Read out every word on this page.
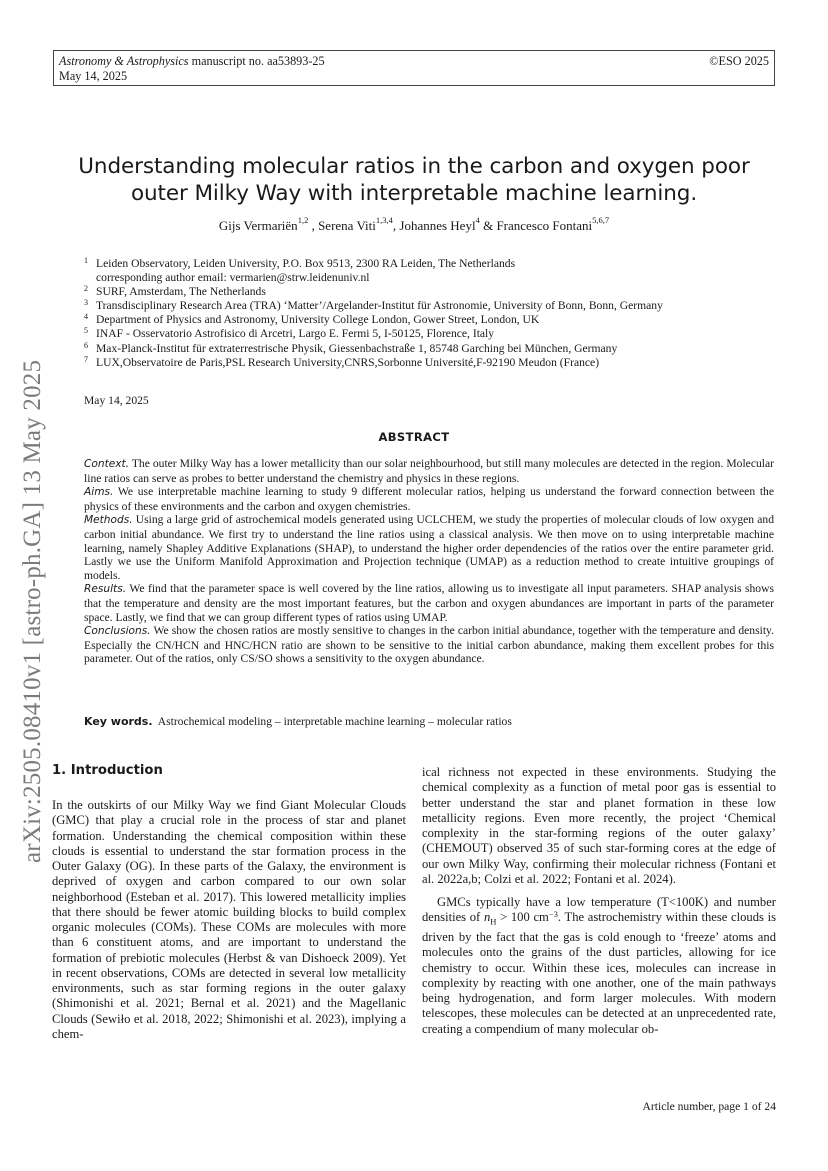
Astronomy & Astrophysics manuscript no. aa53893-25
May 14, 2025
©ESO 2025
Understanding molecular ratios in the carbon and oxygen poor
outer Milky Way with interpretable machine learning.
Gijs Vermariën$^{1,2}$ , Serena Viti$^{1,3,4}$, Johannes Heyl$^4$ & Francesco Fontani$^{5,6,7}$
1 Leiden Observatory, Leiden University, P.O. Box 9513, 2300 RA Leiden, The Netherlands
corresponding author email: vermarien@strw.leidenuniv.nl
2 SURF, Amsterdam, The Netherlands
3 Transdisciplinary Research Area (TRA) ‘Matter’/Argelander-Institut für Astronomie, University of Bonn, Bonn, Germany
4 Department of Physics and Astronomy, University College London, Gower Street, London, UK
5 INAF - Osservatorio Astrofisico di Arcetri, Largo E. Fermi 5, I-50125, Florence, Italy
6 Max-Planck-Institut für extraterrestrische Physik, Giessenbachstraße 1, 85748 Garching bei München, Germany
7 LUX,Observatoire de Paris,PSL Research University,CNRS,Sorbonne Université,F-92190 Meudon (France)
May 14, 2025
ABSTRACT

Context. The outer Milky Way has a lower metallicity than our solar neighbourhood, but still many molecules are detected in the region. Molecular line ratios can serve as probes to better understand the chemistry and physics in these regions.

Aims. We use interpretable machine learning to study 9 different molecular ratios, helping us understand the forward connection between the physics of these environments and the carbon and oxygen chemistries.

Methods. Using a large grid of astrochemical models generated using UCLCHEM, we study the properties of molecular clouds of low oxygen and carbon initial abundance. We first try to understand the line ratios using a classical analysis. We then move on to using interpretable machine learning, namely Shapley Additive Explanations (SHAP), to understand the higher order dependencies of the ratios over the entire parameter grid. Lastly we use the Uniform Manifold Approximation and Projection technique (UMAP) as a reduction method to create intuitive groupings of models.

Results. We find that the parameter space is well covered by the line ratios, allowing us to investigate all input parameters. SHAP analysis shows that the temperature and density are the most important features, but the carbon and oxygen abundances are important in parts of the parameter space. Lastly, we find that we can group different types of ratios using UMAP.

Conclusions. We show the chosen ratios are mostly sensitive to changes in the carbon initial abundance, together with the temperature and density. Especially the CN/HCN and HNC/HCN ratio are shown to be sensitive to the initial carbon abundance, making them excellent probes for this parameter. Out of the ratios, only CS/SO shows a sensitivity to the oxygen abundance.

Key words. Astrochemical modeling – interpretable machine learning – molecular ratios
arXiv:2505.08410v1 [astro-ph.GA] 13 May 2025 1. Introduction

In the outskirts of our Milky Way we find Giant Molecular Clouds (GMC) that play a crucial role in the process of star and planet formation. Understanding the chemical composition within these clouds is essential to understand the star formation process in the Outer Galaxy (OG). In these parts of the Galaxy, the environment is deprived of oxygen and carbon compared to our own solar neighborhood (Esteban et al. 2017). This lowered metallicity implies that there should be fewer atomic building blocks to build complex organic molecules (COMs). These COMs are molecules with more than 6 constituent atoms, and are important to understand the formation of prebiotic molecules (Herbst & van Dishoeck 2009). Yet in recent observations, COMs are detected in several low metallicity environments, such as star forming regions in the outer galaxy (Shimonishi et al. 2021; Bernal et al. 2021) and the Magellanic Clouds (Sewiło et al. 2018, 2022; Shimonishi et al. 2023), implying a chem-

ical richness not expected in these environments. Studying the chemical complexity as a function of metal poor gas is essential to better understand the star and planet formation in these low metallicity regions. Even more recently, the project ‘Chemical complexity in the star-forming regions of the outer galaxy’ (CHEMOUT) observed 35 of such star-forming cores at the edge of our own Milky Way, confirming their molecular richness (Fontani et al. 2022a,b; Colzi et al. 2022; Fontani et al. 2024).

GMCs typically have a low temperature (T<100K) and number densities of $n_H > 100$ $cm^{-3}$. The astrochemistry within these clouds is driven by the fact that the gas is cold enough to ‘freeze’ atoms and molecules onto the grains of the dust particles, allowing for ice chemistry to occur. Within these ices, molecules can increase in complexity by reacting with one another, one of the main pathways being hydrogenation, and form larger molecules. With modern telescopes, these molecules can be detected at an unprecedented rate, creating a compendium of many molecular ob-

Article number, page 1 of 24
